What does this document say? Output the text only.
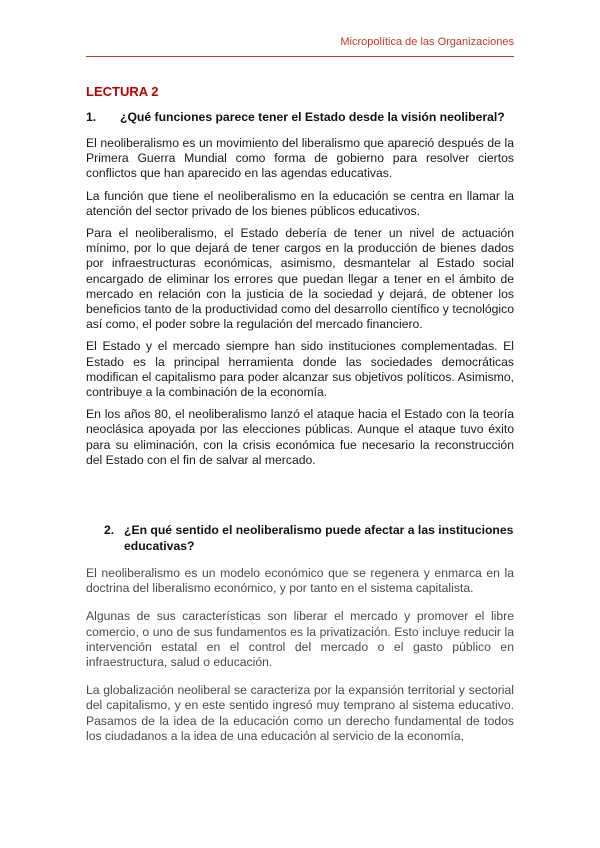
Micropolítica de las Organizaciones
LECTURA 2
1. ¿Qué funciones parece tener el Estado desde la visión neoliberal?

El neoliberalismo es un movimiento del liberalismo que apareció después de la Primera Guerra Mundial como forma de gobierno para resolver ciertos conflictos que han aparecido en las agendas educativas.

La función que tiene el neoliberalismo en la educación se centra en llamar la atención del sector privado de los bienes públicos educativos.

Para el neoliberalismo, el Estado debería de tener un nivel de actuación mínimo, por lo que dejará de tener cargos en la producción de bienes dados por infraestructuras económicas, asimismo, desmantelar al Estado social encargado de eliminar los errores que puedan llegar a tener en el ámbito de mercado en relación con la justicia de la sociedad y dejará, de obtener los beneficios tanto de la productividad como del desarrollo científico y tecnológico así como, el poder sobre la regulación del mercado financiero.

El Estado y el mercado siempre han sido instituciones complementadas. El Estado es la principal herramienta donde las sociedades democráticas modifican el capitalismo para poder alcanzar sus objetivos políticos. Asimismo, contribuye a la combinación de la economía.

En los años 80, el neoliberalismo lanzó el ataque hacia el Estado con la teoría neoclásica apoyada por las elecciones públicas. Aunque el ataque tuvo éxito para su eliminación, con la crisis económica fue necesario la reconstrucción del Estado con el fin de salvar al mercado.

2. ¿En qué sentido el neoliberalismo puede afectar a las instituciones educativas?

El neoliberalismo es un modelo económico que se regenera y enmarca en la doctrina del liberalismo económico, y por tanto en el sistema capitalista.

Algunas de sus características son liberar el mercado y promover el libre comercio, o uno de sus fundamentos es la privatización. Esto incluye reducir la intervención estatal en el control del mercado o el gasto público en infraestructura, salud o educación.

La globalización neoliberal se caracteriza por la expansión territorial y sectorial del capitalismo, y en este sentido ingresó muy temprano al sistema educativo. Pasamos de la idea de la educación como un derecho fundamental de todos los ciudadanos a la idea de una educación al servicio de la economía,
